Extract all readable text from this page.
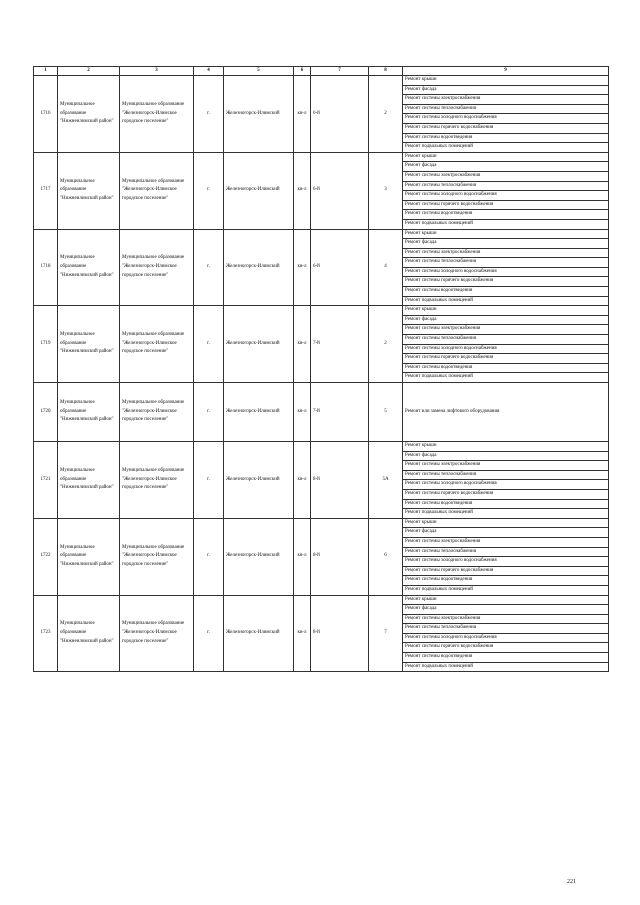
1	2	3	4	5	6	7	8	9
1716	Муниципальное образование "Нижнеилимский район"	Муниципальное образование "Железногорск-Илимское городское поселение"	г.	Железногорск-Илимский	кв-л	6-й	2	Ремонт крыши
								Ремонт фасада
								Ремонт системы электроснабжения
								Ремонт системы теплоснабжения
								Ремонт системы холодного водоснабжения
								Ремонт системы горячего водоснабжения
								Ремонт системы водоотведения
								Ремонт подвальных помещений
1717	Муниципальное образование "Нижнеилимский район"	Муниципальное образование "Железногорск-Илимское городское поселение"	г.	Железногорск-Илимский	кв-л	6-й	3	Ремонт крыши
								Ремонт фасада
								Ремонт системы электроснабжения
								Ремонт системы теплоснабжения
								Ремонт системы холодного водоснабжения
								Ремонт системы горячего водоснабжения
								Ремонт системы водоотведения
								Ремонт подвальных помещений
1718	Муниципальное образование "Нижнеилимский район"	Муниципальное образование "Железногорск-Илимское городское поселение"	г.	Железногорск-Илимский	кв-л	6-й	4	Ремонт крыши
								Ремонт фасада
								Ремонт системы электроснабжения
								Ремонт системы теплоснабжения
								Ремонт системы холодного водоснабжения
								Ремонт системы горячего водоснабжения
								Ремонт системы водоотведения
								Ремонт подвальных помещений
1719	Муниципальное образование "Нижнеилимский район"	Муниципальное образование "Железногорск-Илимское городское поселение"	г.	Железногорск-Илимский	кв-л	7-й	2	Ремонт крыши
								Ремонт фасада
								Ремонт системы электроснабжения
								Ремонт системы теплоснабжения
								Ремонт системы холодного водоснабжения
								Ремонт системы горячего водоснабжения
								Ремонт системы водоотведения
								Ремонт подвальных помещений
1720	Муниципальное образование "Нижнеилимский район"	Муниципальное образование "Железногорск-Илимское городское поселение"	г.	Железногорск-Илимский	кв-л	7-й	5	Ремонт или замена лифтового оборудования
1721	Муниципальное образование "Нижнеилимский район"	Муниципальное образование "Железногорск-Илимское городское поселение"	г.	Железногорск-Илимский	кв-л	8-й	5А	Ремонт крыши
								Ремонт фасада
								Ремонт системы электроснабжения
								Ремонт системы теплоснабжения
								Ремонт системы холодного водоснабжения
								Ремонт системы горячего водоснабжения
								Ремонт системы водоотведения
								Ремонт подвальных помещений
1722	Муниципальное образование "Нижнеилимский район"	Муниципальное образование "Железногорск-Илимское городское поселение"	г.	Железногорск-Илимский	кв-л	8-й	6	Ремонт крыши
								Ремонт фасада
								Ремонт системы электроснабжения
								Ремонт системы теплоснабжения
								Ремонт системы холодного водоснабжения
								Ремонт системы горячего водоснабжения
								Ремонт системы водоотведения
								Ремонт подвальных помещений
1723	Муниципальное образование "Нижнеилимский район"	Муниципальное образование "Железногорск-Илимское городское поселение"	г.	Железногорск-Илимский	кв-л	8-й	7	Ремонт крыши
								Ремонт фасада
								Ремонт системы электроснабжения
								Ремонт системы теплоснабжения
								Ремонт системы холодного водоснабжения
								Ремонт системы горячего водоснабжения
								Ремонт системы водоотведения
								Ремонт подвальных помещений
221
